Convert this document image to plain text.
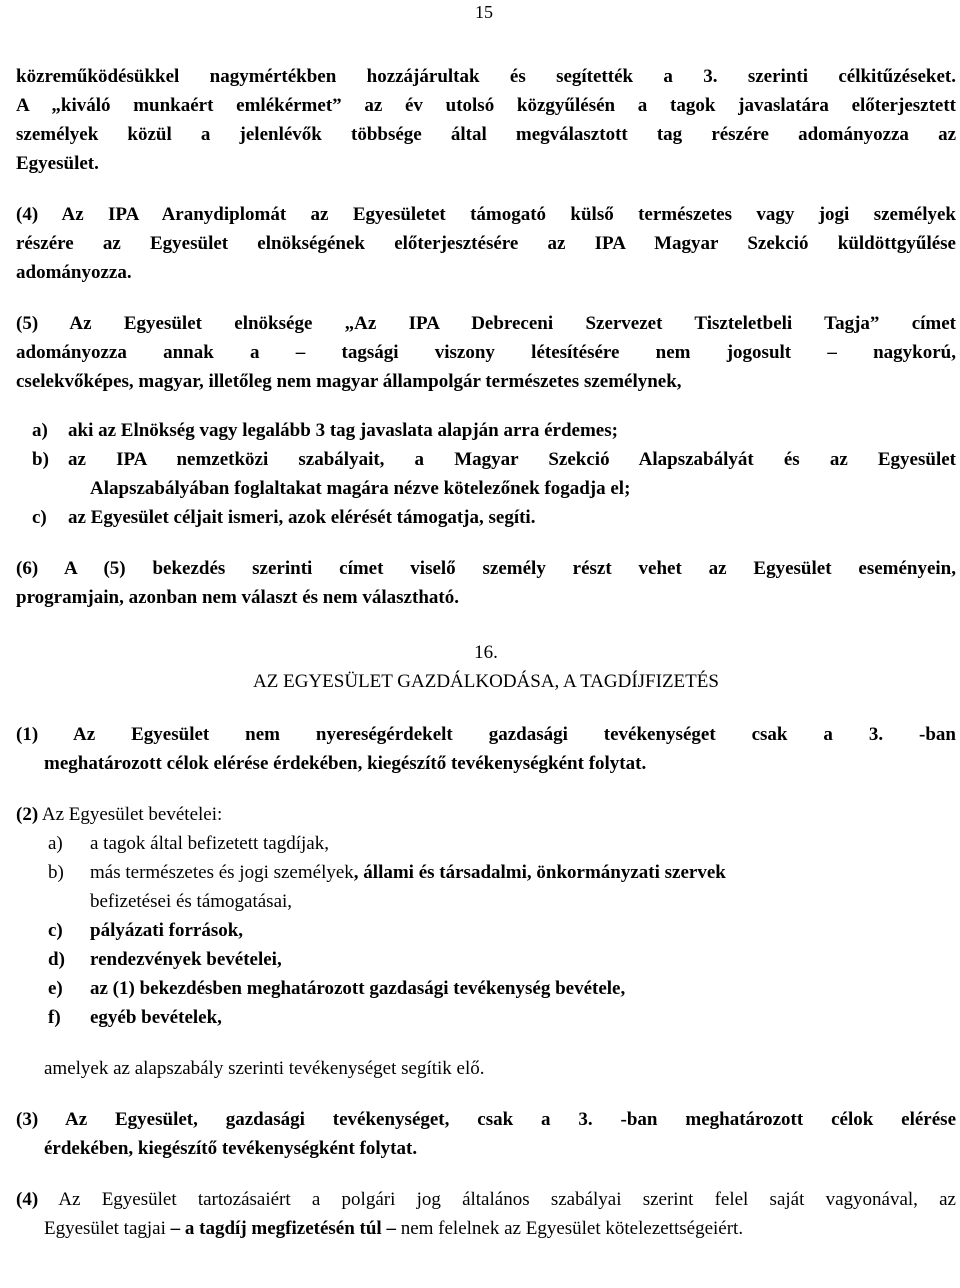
15

közreműködésükkel nagymértékben hozzájárultak és segítették a 3. szerinti célkitűzéseket.

A „kiváló munkaért emlékérmet” az év utolsó közgyűlésén a tagok javaslatára előterjesztett

személyek közül a jelenlévők többsége által megválasztott tag részére adományozza az

Egyesület.

(4) Az IPA Aranydiplomát az Egyesületet támogató külső természetes vagy jogi személyek

részére az Egyesület elnökségének előterjesztésére az IPA Magyar Szekció küldöttgyűlése

adományozza.

(5) Az Egyesület elnöksége „Az IPA Debreceni Szervezet Tiszteletbeli Tagja” címet

adományozza annak a – tagsági viszony létesítésére nem jogosult – nagykorú,

cselekvőképes, magyar, illetőleg nem magyar állampolgár természetes személynek,

a)	aki az Elnökség vagy legalább 3 tag javaslata alapján arra érdemes;
b)	az IPA nemzetközi szabályait, a Magyar Szekció Alapszabályát és az Egyesület
Alapszabályában foglaltakat magára nézve kötelezőnek fogadja el;
c)	az Egyesület céljait ismeri, azok elérését támogatja, segíti.

(6) A (5) bekezdés szerinti címet viselő személy részt vehet az Egyesület eseményein,

programjain, azonban nem választ és nem választható.

16.
AZ EGYESÜLET GAZDÁLKODÁSA, A TAGDÍJFIZETÉS

(1) Az Egyesület nem nyereségérdekelt gazdasági tevékenységet csak a 3. -ban

meghatározott célok elérése érdekében, kiegészítő tevékenységként folytat.

(2) Az Egyesület bevételei:

a)	a tagok által befizetett tagdíjak,
b)	más természetes és jogi személyek, állami és társadalmi, önkormányzati szervek
befizetései és támogatásai,
c)	pályázati források,
d)	rendezvények bevételei,
e)	az (1) bekezdésben meghatározott gazdasági tevékenység bevétele,
f)	egyéb bevételek,

amelyek az alapszabály szerinti tevékenységet segítik elő.

(3) Az Egyesület, gazdasági tevékenységet, csak a 3. -ban meghatározott célok elérése

érdekében, kiegészítő tevékenységként folytat.

(4) Az Egyesület tartozásaiért a polgári jog általános szabályai szerint felel saját vagyonával, az

Egyesület tagjai – a tagdíj megfizetésén túl – nem felelnek az Egyesület kötelezettségeiért.
